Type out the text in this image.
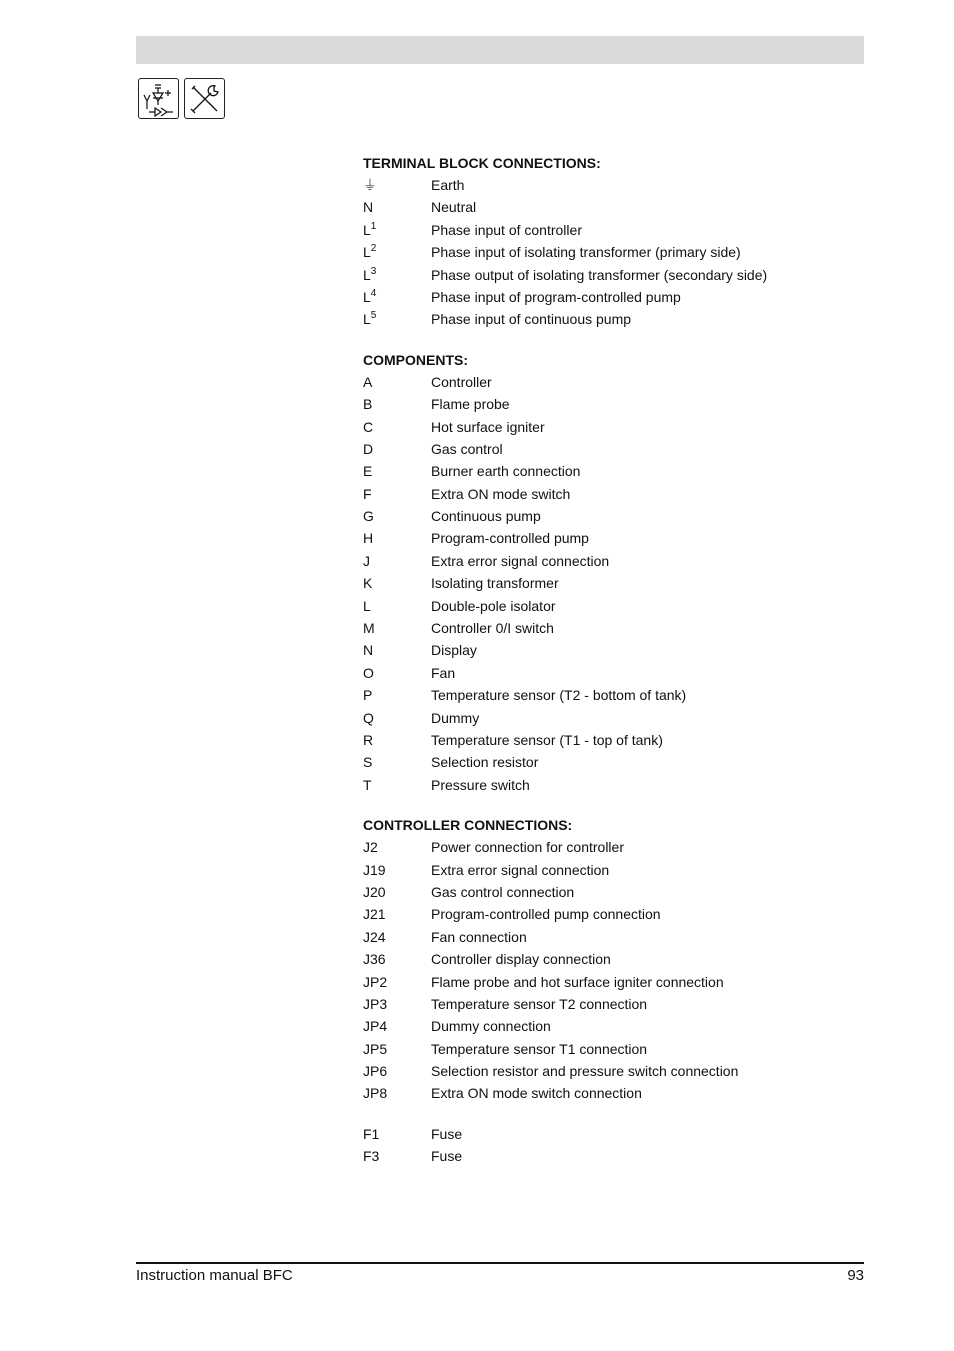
TERMINAL BLOCK CONNECTIONS:
⏚	Earth
N	Neutral
$L^1$	Phase input of controller
$L^2$	Phase input of isolating transformer (primary side)
$L^3$	Phase output of isolating transformer (secondary side)
$L^4$	Phase input of program-controlled pump
$L^5$	Phase input of continuous pump
COMPONENTS:
A	Controller
B	Flame probe
C	Hot surface igniter
D	Gas control
E	Burner earth connection
F	Extra ON mode switch
G	Continuous pump
H	Program-controlled pump
J	Extra error signal connection
K	Isolating transformer
L	Double-pole isolator
M	Controller 0/I switch
N	Display
O	Fan
P	Temperature sensor (T2 - bottom of tank)
Q	Dummy
R	Temperature sensor (T1 - top of tank)
S	Selection resistor
T	Pressure switch
CONTROLLER CONNECTIONS:
J2	Power connection for controller
J19	Extra error signal connection
J20	Gas control connection
J21	Program-controlled pump connection
J24	Fan connection
J36	Controller display connection
JP2	Flame probe and hot surface igniter connection
JP3	Temperature sensor T2 connection
JP4	Dummy connection
JP5	Temperature sensor T1 connection
JP6	Selection resistor and pressure switch connection
JP8	Extra ON mode switch connection
F1	Fuse
F3	Fuse
Instruction manual BFC	93
